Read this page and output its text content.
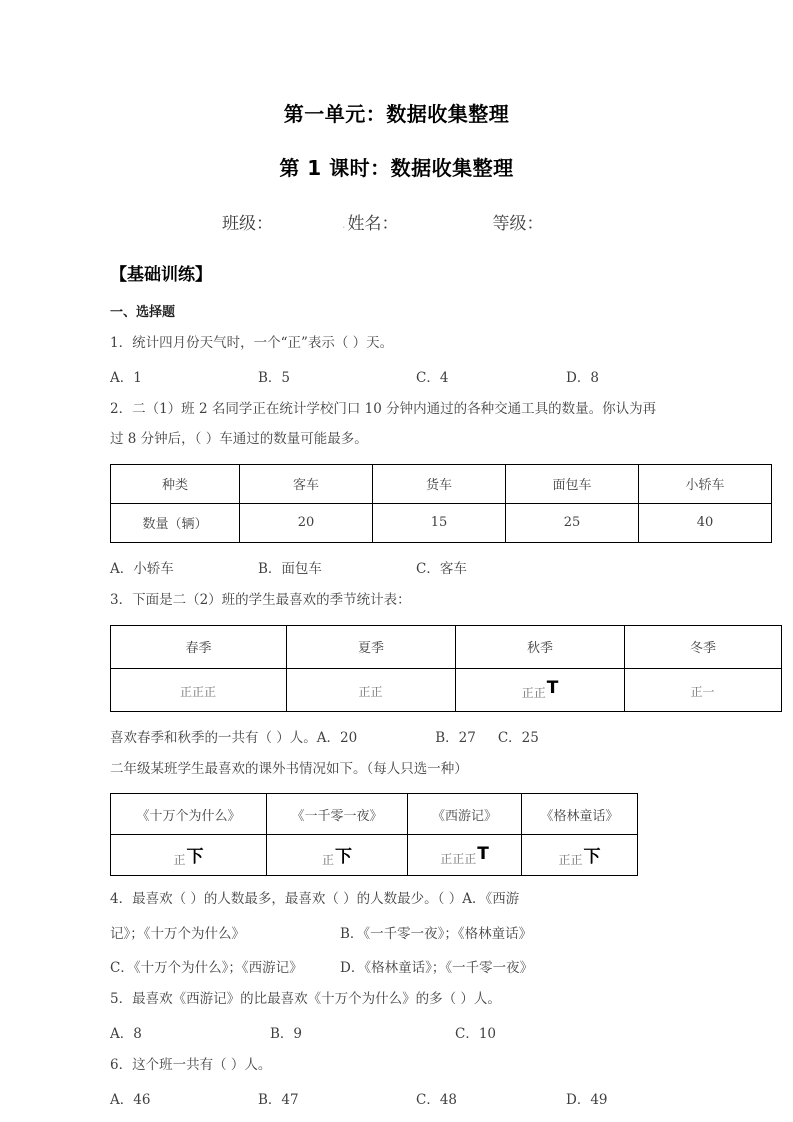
第一单元：数据收集整理
第 1 课时：数据收集整理
班级：	. 姓名：	等级：
【基础训练】
一、选择题

1．统计四月份天气时，一个“正”表示（ ）天。

A．1	B．5	C．4	D．8

2．二（1）班 2 名同学正在统计学校门口 10 分钟内通过的各种交通工具的数量。你认为再

过 8 分钟后，（ ）车通过的数量可能最多。

种类	客车	货车	面包车	小轿车
数量（辆）	20	15	25	40
A．小轿车	B．面包车	C．客车

3．下面是二（2）班的学生最喜欢的季节统计表：

春季	夏季	秋季	冬季
正正正	正正	正正T	正一
喜欢春季和秋季的一共有（ ）人。A．20	B．27 C．25

二年级某班学生最喜欢的课外书情况如下。（每人只选一种）

《十万个为什么》	《一千零一夜》	《西游记》	《格林童话》
正下	正下	正正正T	正正下

4．最喜欢（ ）的人数最多，最喜欢（ ）的人数最少。（ ）A．《西游

记》；《十万个为什么》	B．《一千零一夜》；《格林童话》
C．《十万个为什么》；《西游记》	D．《格林童话》；《一千零一夜》

5．最喜欢《西游记》的比最喜欢《十万个为什么》的多（ ）人。

A．8	B．9	C．10

6．这个班一共有（ ）人。

A．46	B．47	C．48	D．49
